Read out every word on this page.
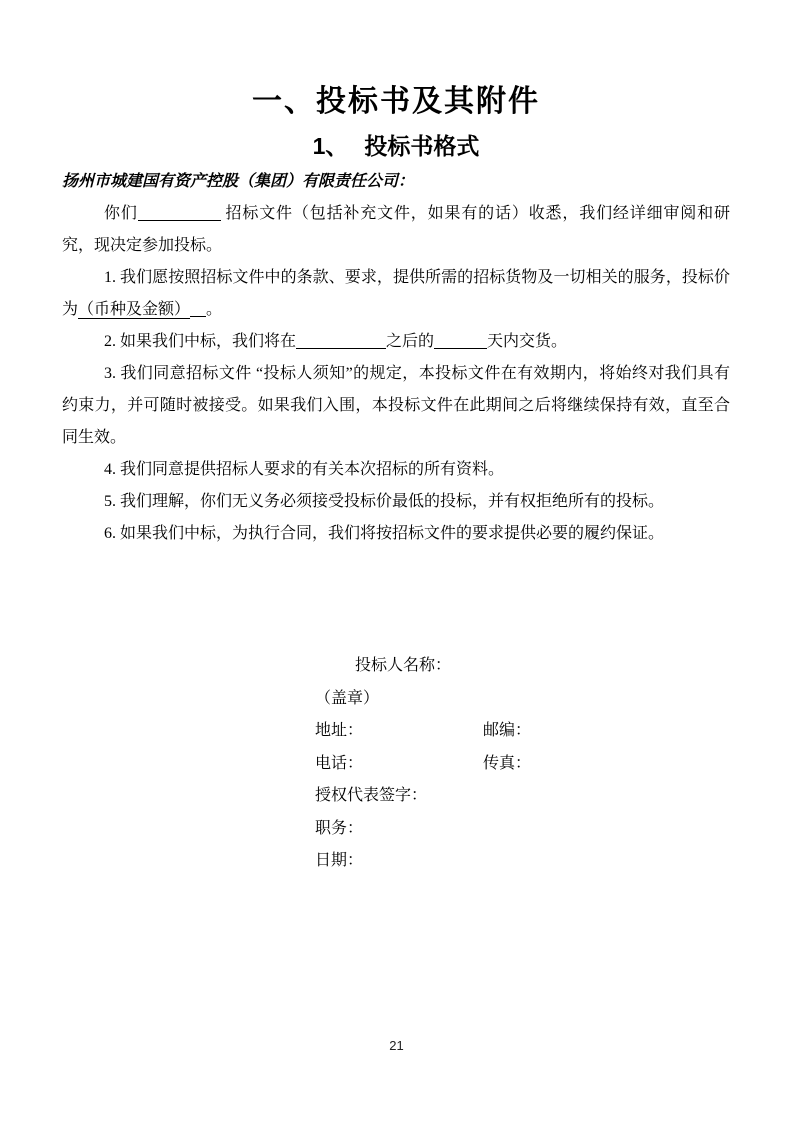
一、投标书及其附件
1、 投标书格式
扬州市城建国有资产控股（集团）有限责任公司：
你们	招标文件（包括补充文件，如果有的话）收悉，我们经详细审阅和研究，现决定参加投标。
1. 我们愿按照招标文件中的条款、要求，提供所需的招标货物及一切相关的服务，投标价为（币种及金额） 。
2. 如果我们中标，我们将在	之后的	天内交货。
3. 我们同意招标文件 “投标人须知”的规定，本投标文件在有效期内，将始终对我们具有约束力，并可随时被接受。如果我们入围，本投标文件在此期间之后将继续保持有效，直至合同生效。
4. 我们同意提供招标人要求的有关本次招标的所有资料。
5. 我们理解，你们无义务必须接受投标价最低的投标，并有权拒绝所有的投标。
6. 如果我们中标，为执行合同，我们将按招标文件的要求提供必要的履约保证。
投标人名称：
（盖章）
地址：	邮编：
电话：	传真：
授权代表签字：
职务：
日期：
21
